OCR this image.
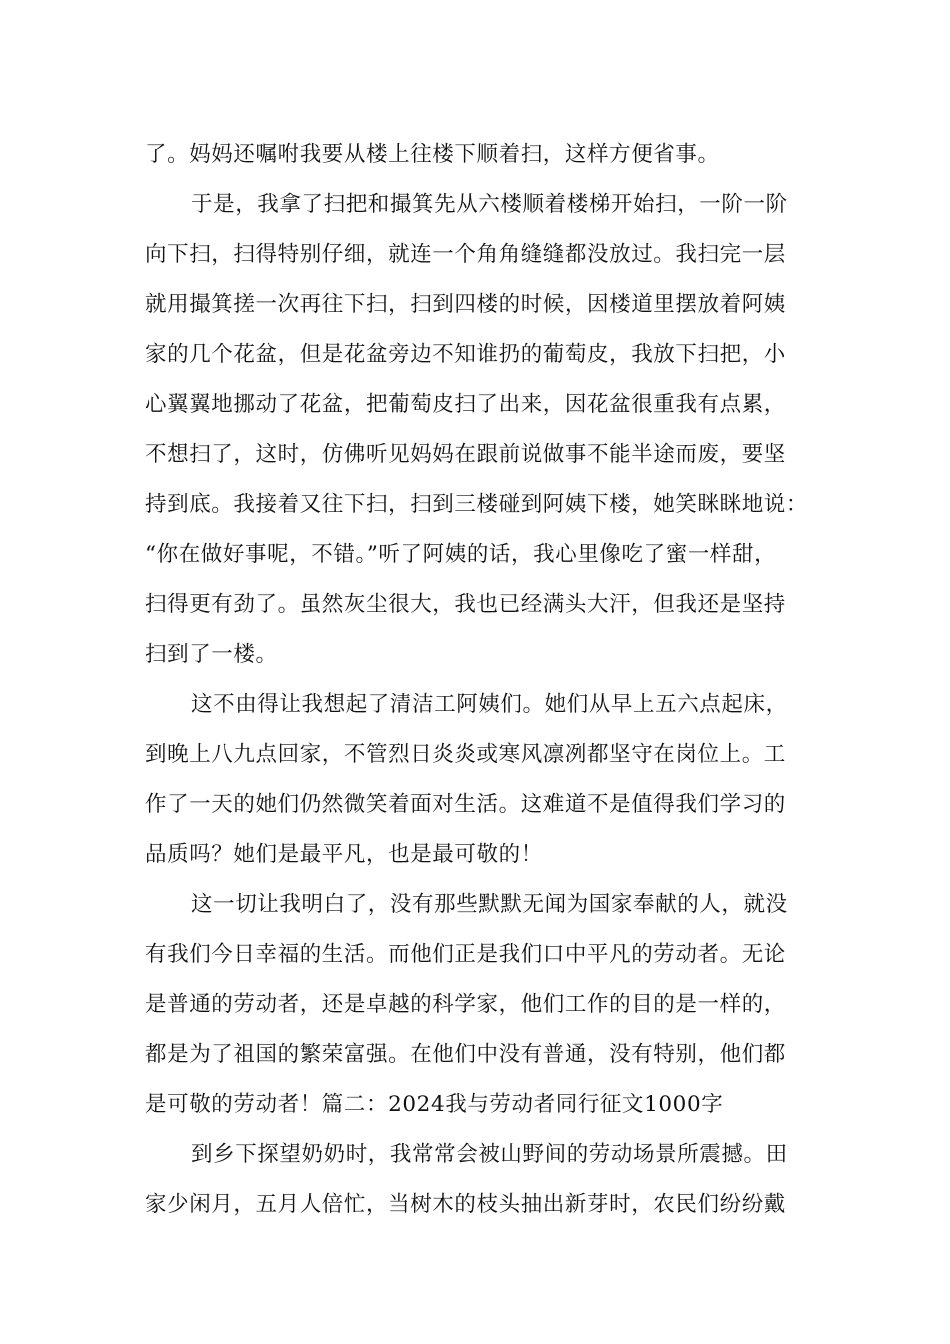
了。妈妈还嘱咐我要从楼上往楼下顺着扫，这样方便省事。
于是，我拿了扫把和撮箕先从六楼顺着楼梯开始扫，一阶一阶
向下扫，扫得特别仔细，就连一个角角缝缝都没放过。我扫完一层
就用撮箕搓一次再往下扫，扫到四楼的时候，因楼道里摆放着阿姨
家的几个花盆，但是花盆旁边不知谁扔的葡萄皮，我放下扫把，小
心翼翼地挪动了花盆，把葡萄皮扫了出来，因花盆很重我有点累，
不想扫了，这时，仿佛听见妈妈在跟前说做事不能半途而废，要坚
持到底。我接着又往下扫，扫到三楼碰到阿姨下楼，她笑眯眯地说：
“你在做好事呢，不错。”听了阿姨的话，我心里像吃了蜜一样甜，
扫得更有劲了。虽然灰尘很大，我也已经满头大汗，但我还是坚持
扫到了一楼。
这不由得让我想起了清洁工阿姨们。她们从早上五六点起床，
到晚上八九点回家，不管烈日炎炎或寒风凛冽都坚守在岗位上。工
作了一天的她们仍然微笑着面对生活。这难道不是值得我们学习的
品质吗？她们是最平凡，也是最可敬的！
这一切让我明白了，没有那些默默无闻为国家奉献的人，就没
有我们今日幸福的生活。而他们正是我们口中平凡的劳动者。无论
是普通的劳动者，还是卓越的科学家，他们工作的目的是一样的，
都是为了祖国的繁荣富强。在他们中没有普通，没有特别，他们都
是可敬的劳动者！篇二：2024我与劳动者同行征文1000字
到乡下探望奶奶时，我常常会被山野间的劳动场景所震撼。田
家少闲月，五月人倍忙，当树木的枝头抽出新芽时，农民们纷纷戴
